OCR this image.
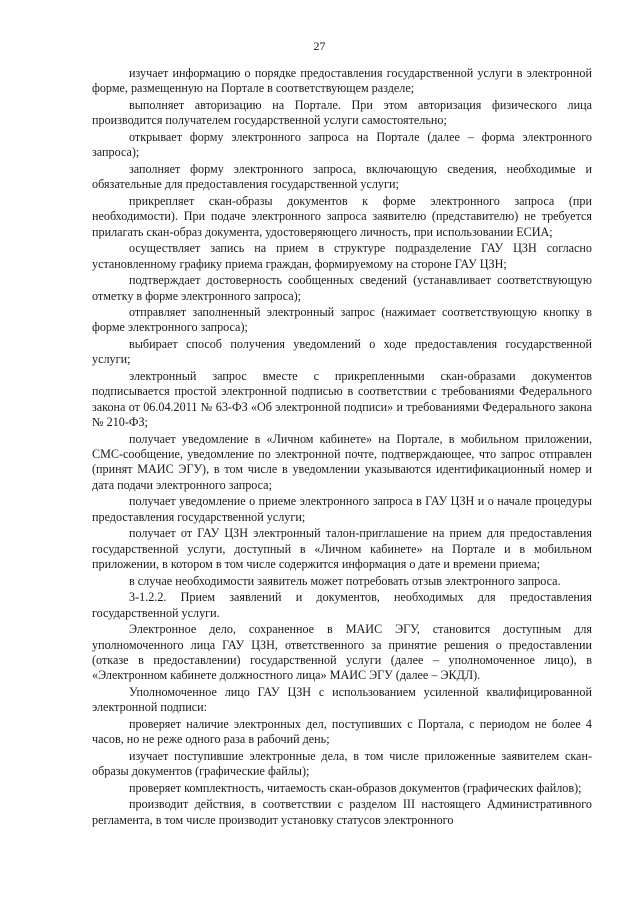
27

изучает информацию о порядке предоставления государственной услуги в электронной форме, размещенную на Портале в соответствующем разделе;

выполняет авторизацию на Портале. При этом авторизация физического лица производится получателем государственной услуги самостоятельно;

открывает форму электронного запроса на Портале (далее – форма электронного запроса);

заполняет форму электронного запроса, включающую сведения, необходимые и обязательные для предоставления государственной услуги;

прикрепляет скан-образы документов к форме электронного запроса (при необходимости). При подаче электронного запроса заявителю (представителю) не требуется прилагать скан-образ документа, удостоверяющего личность, при использовании ЕСИА;

осуществляет запись на прием в структуре подразделение ГАУ ЦЗН согласно установленному графику приема граждан, формируемому на стороне ГАУ ЦЗН;

подтверждает достоверность сообщенных сведений (устанавливает соответствующую отметку в форме электронного запроса);

отправляет заполненный электронный запрос (нажимает соответствующую кнопку в форме электронного запроса);

выбирает способ получения уведомлений о ходе предоставления государственной услуги;

электронный запрос вместе с прикрепленными скан-образами документов подписывается простой электронной подписью в соответствии с требованиями Федерального закона от 06.04.2011 № 63-ФЗ «Об электронной подписи» и требованиями Федерального закона № 210-ФЗ;

получает уведомление в «Личном кабинете» на Портале, в мобильном приложении, СМС-сообщение, уведомление по электронной почте, подтверждающее, что запрос отправлен (принят МАИС ЭГУ), в том числе в уведомлении указываются идентификационный номер и дата подачи электронного запроса;

получает уведомление о приеме электронного запроса в ГАУ ЦЗН и о начале процедуры предоставления государственной услуги;

получает от ГАУ ЦЗН электронный талон-приглашение на прием для предоставления государственной услуги, доступный в «Личном кабинете» на Портале и в мобильном приложении, в котором в том числе содержится информация о дате и времени приема;

в случае необходимости заявитель может потребовать отзыв электронного запроса.

3-1.2.2. Прием заявлений и документов, необходимых для предоставления государственной услуги.

Электронное дело, сохраненное в МАИС ЭГУ, становится доступным для уполномоченного лица ГАУ ЦЗН, ответственного за принятие решения о предоставлении (отказе в предоставлении) государственной услуги (далее – уполномоченное лицо), в «Электронном кабинете должностного лица» МАИС ЭГУ (далее – ЭКДЛ).

Уполномоченное лицо ГАУ ЦЗН с использованием усиленной квалифицированной электронной подписи:

проверяет наличие электронных дел, поступивших с Портала, с периодом не более 4 часов, но не реже одного раза в рабочий день;

изучает поступившие электронные дела, в том числе приложенные заявителем скан-образы документов (графические файлы);

проверяет комплектность, читаемость скан-образов документов (графических файлов);

производит действия, в соответствии с разделом III настоящего Административного регламента, в том числе производит установку статусов электронного
